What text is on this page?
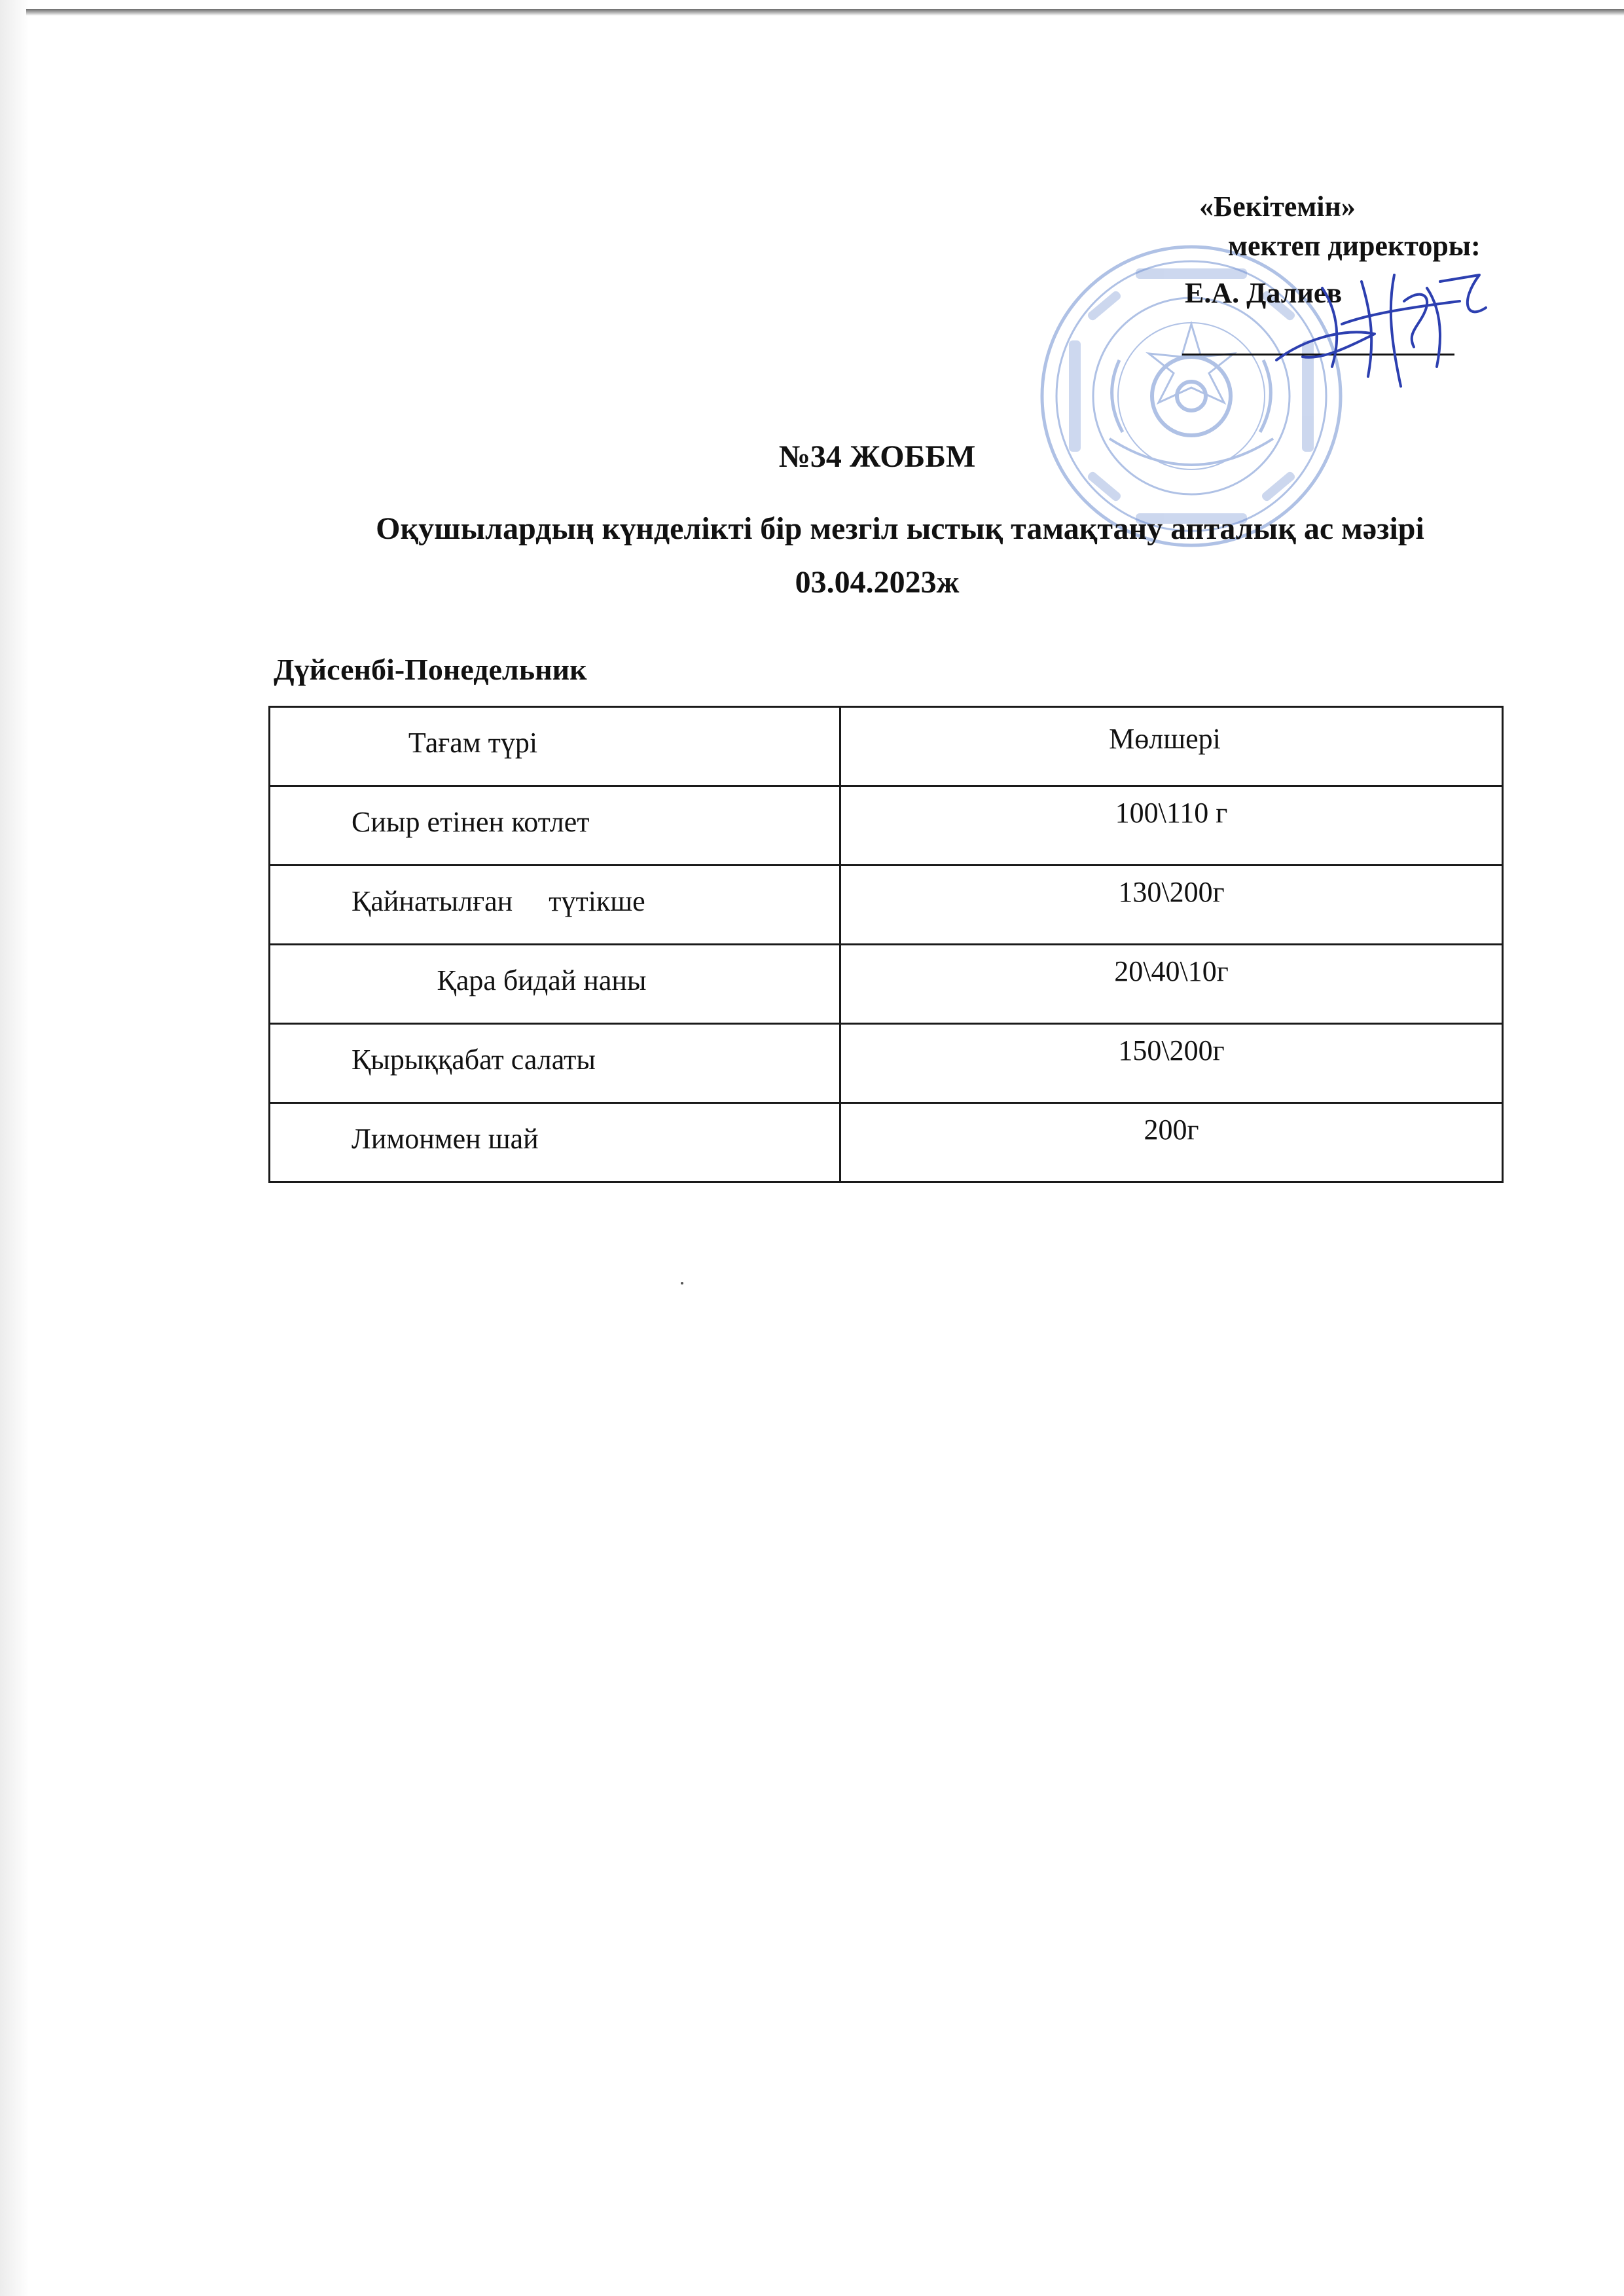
«Бекітемін»
мектеп директоры:
Е.А. Далиев
№34 ЖОББМ
Оқушылардың күнделікті бір мезгіл ыстық тамақтану апталық ас мәзірі
03.04.2023ж
Дүйсенбі-Понедельник
Тағам түрі	Мөлшері

Сиыр етінен котлет	100\110 г

Қайнатылған түтікше	130\200г

Қара бидай наны	20\40\10г

Қырыққабат салаты	150\200г

Лимонмен шай	200г
